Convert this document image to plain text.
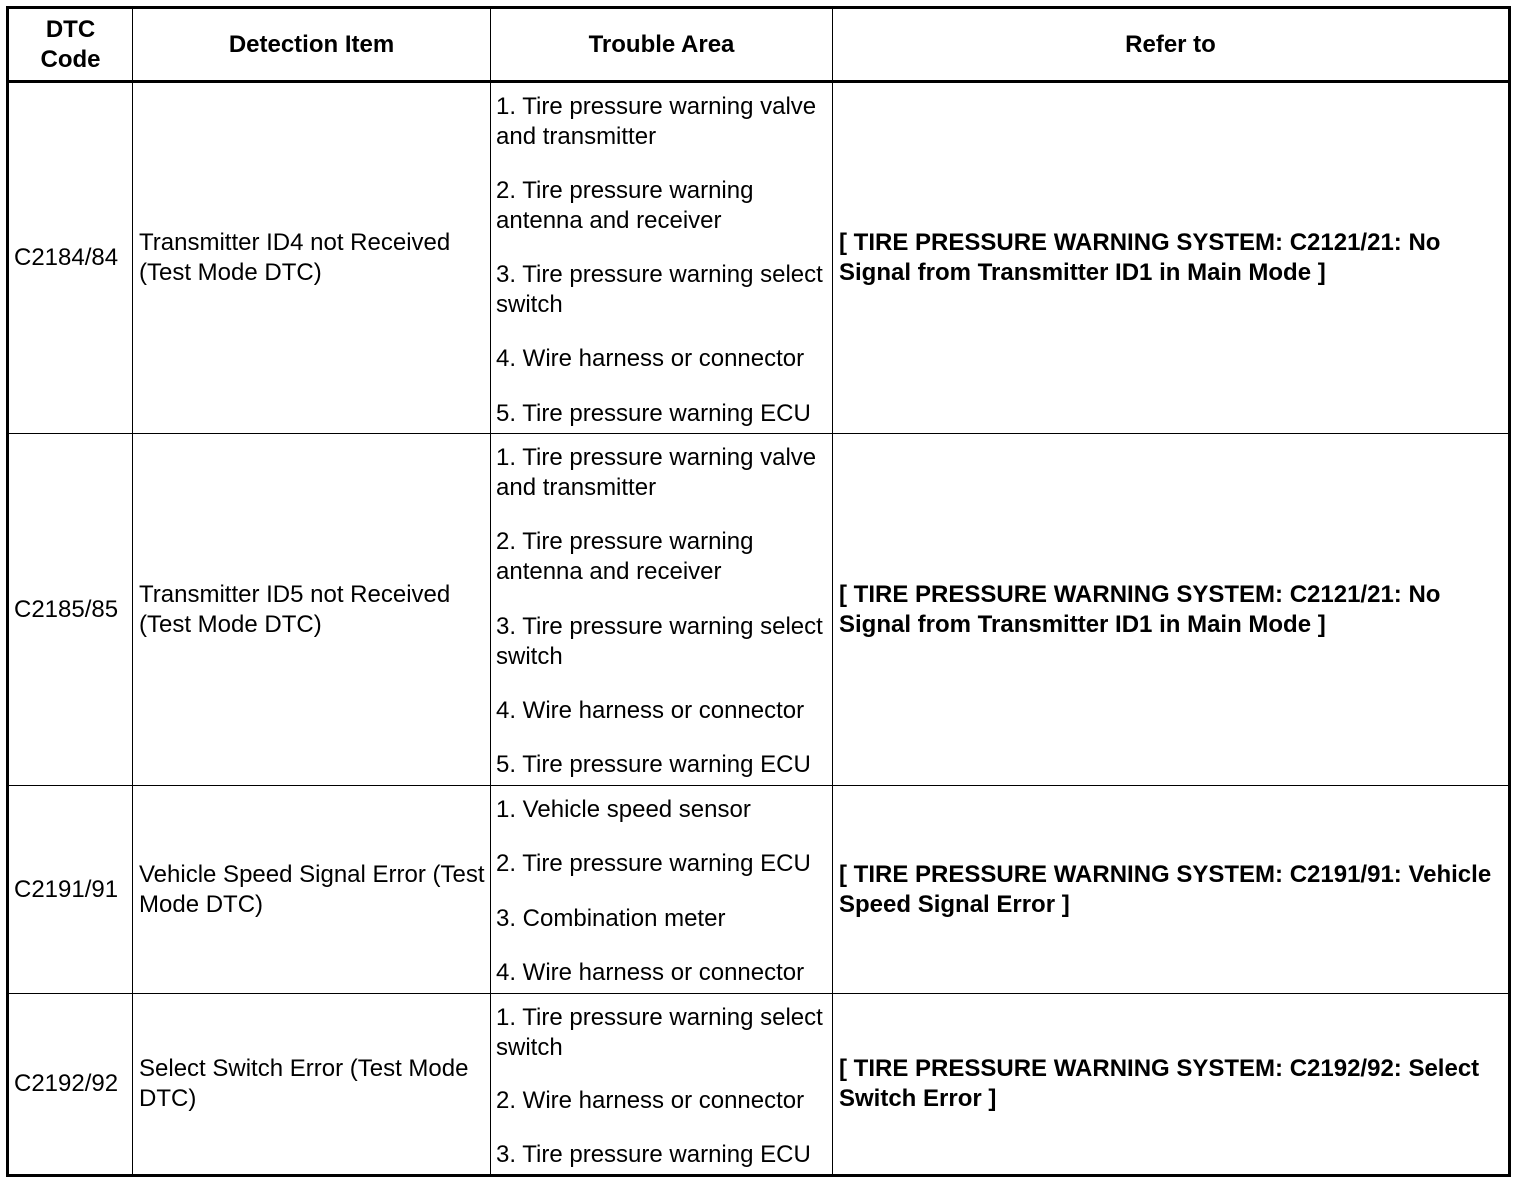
DTC Code	Detection Item	Trouble Area	Refer to
C2184/84	Transmitter ID4 not Received (Test Mode DTC)	1. Tire pressure warning valve and transmitter
2. Tire pressure warning antenna and receiver
3. Tire pressure warning select switch
4. Wire harness or connector
5. Tire pressure warning ECU	[ TIRE PRESSURE WARNING SYSTEM: C2121/21: No Signal from Transmitter ID1 in Main Mode ]
C2185/85	Transmitter ID5 not Received (Test Mode DTC)	1. Tire pressure warning valve and transmitter
2. Tire pressure warning antenna and receiver
3. Tire pressure warning select switch
4. Wire harness or connector
5. Tire pressure warning ECU	[ TIRE PRESSURE WARNING SYSTEM: C2121/21: No Signal from Transmitter ID1 in Main Mode ]
C2191/91	Vehicle Speed Signal Error (Test Mode DTC)	1. Vehicle speed sensor
2. Tire pressure warning ECU
3. Combination meter
4. Wire harness or connector	[ TIRE PRESSURE WARNING SYSTEM: C2191/91: Vehicle Speed Signal Error ]
C2192/92	Select Switch Error (Test Mode DTC)	1. Tire pressure warning select switch
2. Wire harness or connector
3. Tire pressure warning ECU	[ TIRE PRESSURE WARNING SYSTEM: C2192/92: Select Switch Error ]
